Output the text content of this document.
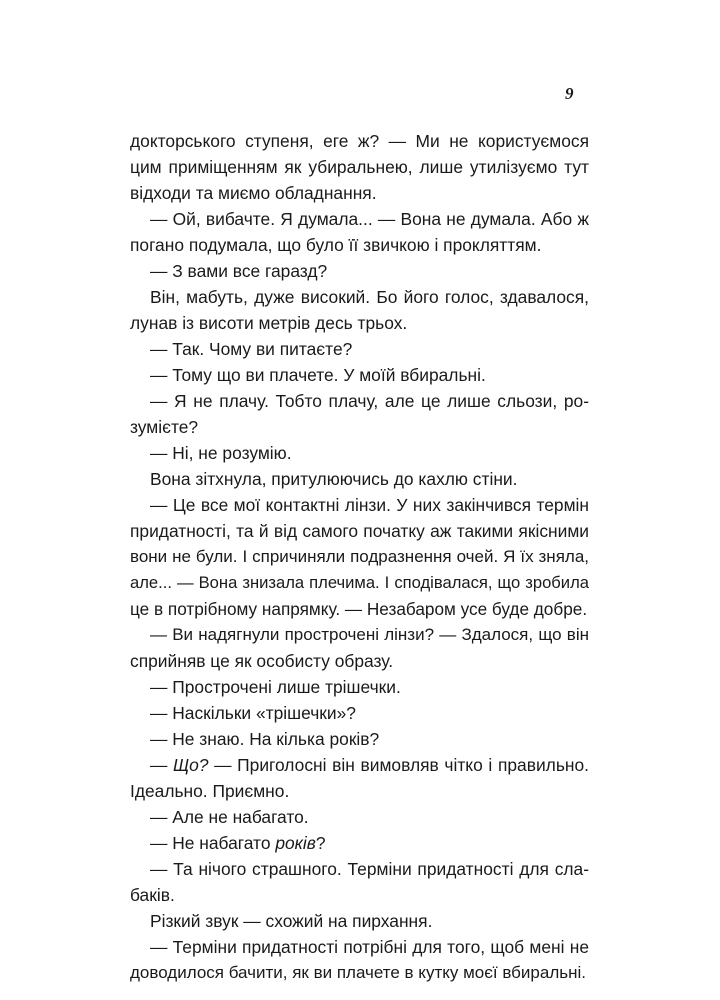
9
докторського ступеня, еге ж? — Ми не користуємося
цим приміщенням як убиральнею, лише утилізуємо тут
відходи та миємо обладнання.
— Ой, вибачте. Я думала... — Вона не думала. Або ж
погано подумала, що було її звичкою і прокляттям.
— З вами все гаразд?
Він, мабуть, дуже високий. Бо його голос, здавалося,
лунав із висоти метрів десь трьох.
— Так. Чому ви питаєте?
— Тому що ви плачете. У моїй вбиральні.
— Я не плачу. Тобто плачу, але це лише сльози, ро-
зумієте?
— Ні, не розумію.
Вона зітхнула, притулюючись до кахлю стіни.
— Це все мої контактні лінзи. У них закінчився термін
придатності, та й від самого початку аж такими якісними
вони не були. І спричиняли подразнення очей. Я їх зняла,
але... — Вона знизала плечима. І сподівалася, що зробила
це в потрібному напрямку. — Незабаром усе буде добре.
— Ви надягнули прострочені лінзи? — Здалося, що він
сприйняв це як особисту образу.
— Прострочені лише трішечки.
— Наскільки «трішечки»?
— Не знаю. На кілька років?
— Що? — Приголосні він вимовляв чітко і правильно.
Ідеально. Приємно.
— Але не набагато.
— Не набагато років?
— Та нічого страшного. Терміни придатності для сла-
баків.
Різкий звук — схожий на пирхання.
— Терміни придатності потрібні для того, щоб мені не
доводилося бачити, як ви плачете в кутку моєї вбиральні.
